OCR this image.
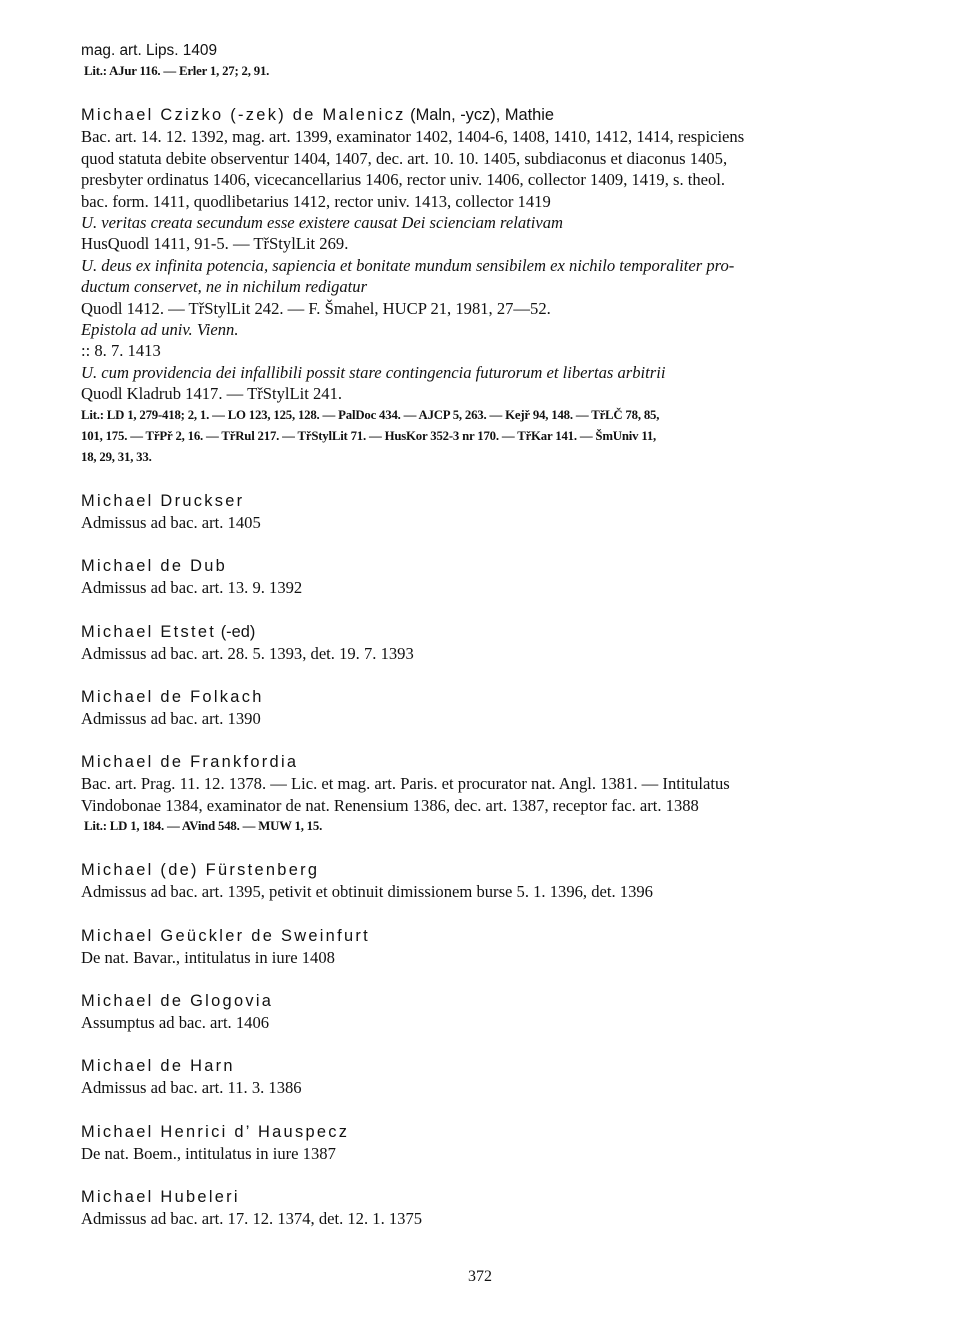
mag. art. Lips. 1409
Lit.: AJur 116. — Erler 1, 27; 2, 91.
Michael Czizko (-zek) de Malenicz (Maln, -ycz), Mathie
Bac. art. 14. 12. 1392, mag. art. 1399, examinator 1402, 1404-6, 1408, 1410, 1412, 1414, respiciens
quod statuta debite observentur 1404, 1407, dec. art. 10. 10. 1405, subdiaconus et diaconus 1405,
presbyter ordinatus 1406, vicecancellarius 1406, rector univ. 1406, collector 1409, 1419, s. theol.
bac. form. 1411, quodlibetarius 1412, rector univ. 1413, collector 1419
U. veritas creata secundum esse existere causat Dei scienciam relativam
HusQuodl 1411, 91-5. — TřStylLit 269.
U. deus ex infinita potencia, sapiencia et bonitate mundum sensibilem ex nichilo temporaliter pro-
ductum conservet, ne in nichilum redigatur
Quodl 1412. — TřStylLit 242. — F. Šmahel, HUCP 21, 1981, 27—52.
Epistola ad univ. Vienn.
:: 8. 7. 1413
U. cum providencia dei infallibili possit stare contingencia futurorum et libertas arbitrii
Quodl Kladrub 1417. — TřStylLit 241.
Lit.: LD 1, 279-418; 2, 1. — LO 123, 125, 128. — PalDoc 434. — AJCP 5, 263. — Kejř 94, 148. — TřLČ 78, 85,
101, 175. — TřPř 2, 16. — TřRul 217. — TřStylLit 71. — HusKor 352-3 nr 170. — TřKar 141. — ŠmUniv 11,
18, 29, 31, 33.
Michael Druckser
Admissus ad bac. art. 1405
Michael de Dub
Admissus ad bac. art. 13. 9. 1392
Michael Etstet (-ed)
Admissus ad bac. art. 28. 5. 1393, det. 19. 7. 1393
Michael de Folkach
Admissus ad bac. art. 1390
Michael de Frankfordia
Bac. art. Prag. 11. 12. 1378. — Lic. et mag. art. Paris. et procurator nat. Angl. 1381. — Intitulatus
Vindobonae 1384, examinator de nat. Renensium 1386, dec. art. 1387, receptor fac. art. 1388
Lit.: LD 1, 184. — AVind 548. — MUW 1, 15.
Michael (de) Fürstenberg
Admissus ad bac. art. 1395, petivit et obtinuit dimissionem burse 5. 1. 1396, det. 1396
Michael Geückler de Sweinfurt
De nat. Bavar., intitulatus in iure 1408
Michael de Glogovia
Assumptus ad bac. art. 1406
Michael de Harn
Admissus ad bac. art. 11. 3. 1386
Michael Henrici d’ Hauspecz
De nat. Boem., intitulatus in iure 1387
Michael Hubeleri
Admissus ad bac. art. 17. 12. 1374, det. 12. 1. 1375
372
